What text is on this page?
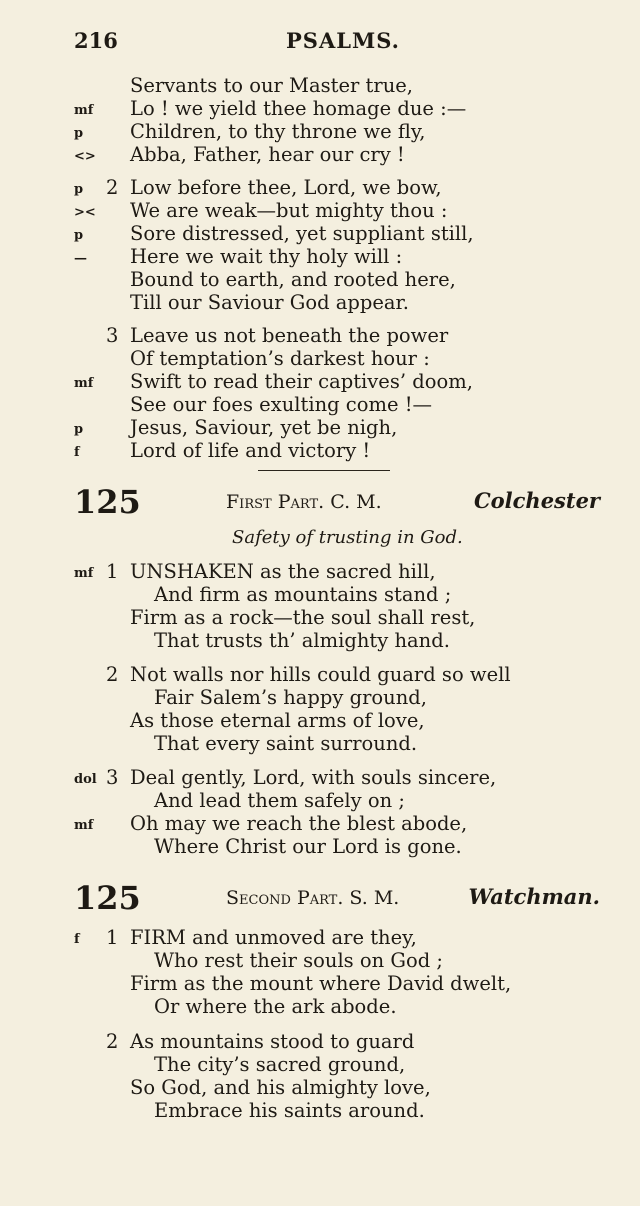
216	PSALMS.
Servants to our Master true,
mf Lo ! we yield thee homage due :—
p Children, to thy throne we fly,
<> Abba, Father, hear our cry !
p 2 Low before thee, Lord, we bow,
>< We are weak—but mighty thou :
p Sore distressed, yet suppliant still,
— Here we wait thy holy will :
Bound to earth, and rooted here,
Till our Saviour God appear.
3 Leave us not beneath the power
Of temptation’s darkest hour :
mf Swift to read their captives’ doom,
See our foes exulting come !—
p Jesus, Saviour, yet be nigh,
f	Lord of life and victory !
125	First Part. C. M.	Colchester
Safety of trusting in God.
mf 1 UNSHAKEN as the sacred hill,
And firm as mountains stand ;
Firm as a rock—the soul shall rest,
That trusts th’ almighty hand.
2 Not walls nor hills could guard so well
Fair Salem’s happy ground,
As those eternal arms of love,
That every saint surround.
dol 3 Deal gently, Lord, with souls sincere,
And lead them safely on ;
mf Oh may we reach the blest abode,
Where Christ our Lord is gone.
125	Second Part. S. M.	Watchman.
f 1 FIRM and unmoved are they,
Who rest their souls on God ;
Firm as the mount where David dwelt,
Or where the ark abode.
2 As mountains stood to guard
The city’s sacred ground,
So God, and his almighty love,
Embrace his saints around.
